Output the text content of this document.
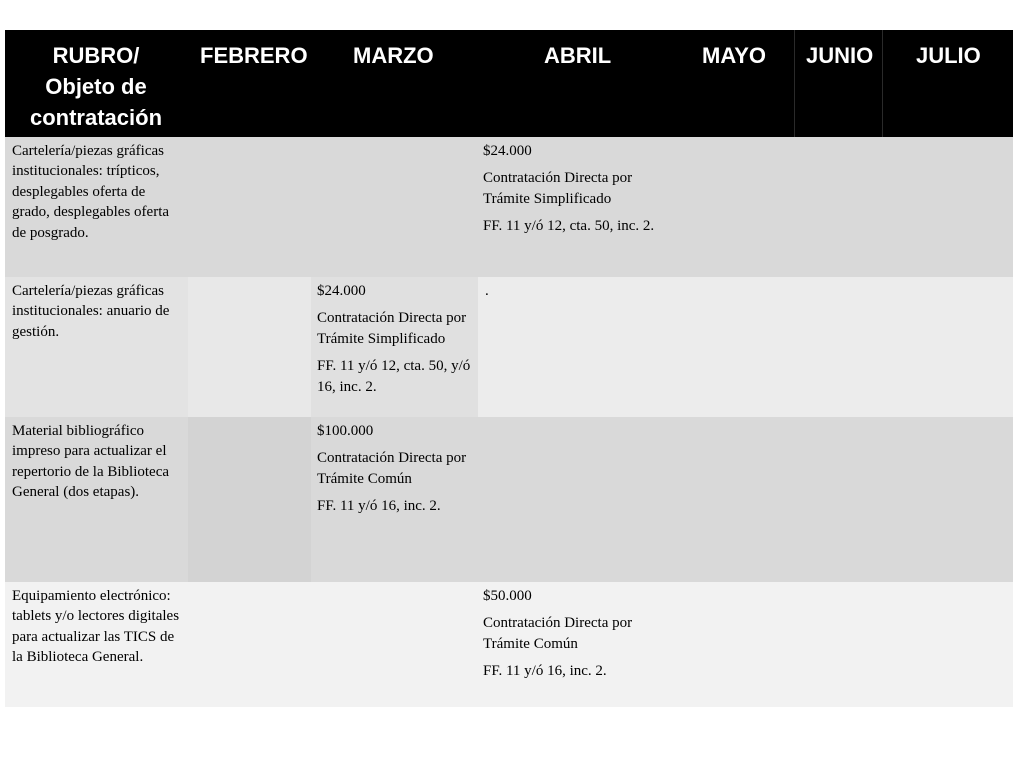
RUBRO/
Objeto de
contratación
FEBRERO MARZO	ABRIL	MAYO JUNIO JULIO
Cartelería/piezas gráficas institucionales: trípticos, desplegables oferta de grado, desplegables oferta de posgrado.

$24.000

Contratación Directa por Trámite Simplificado

FF. 11 y/ó 12, cta. 50, inc. 2.

Cartelería/piezas gráficas institucionales: anuario de gestión.

$24.000

Contratación Directa por Trámite Simplificado

FF. 11 y/ó 12, cta. 50, y/ó 16, inc. 2.

.
Material bibliográfico impreso para actualizar el repertorio de la Biblioteca General (dos etapas).

$100.000

Contratación Directa por Trámite Común

FF. 11 y/ó 16, inc. 2.

Equipamiento electrónico: tablets y/o lectores digitales para actualizar las TICS de la Biblioteca General.

$50.000

Contratación Directa por Trámite Común

FF. 11 y/ó 16, inc. 2.
